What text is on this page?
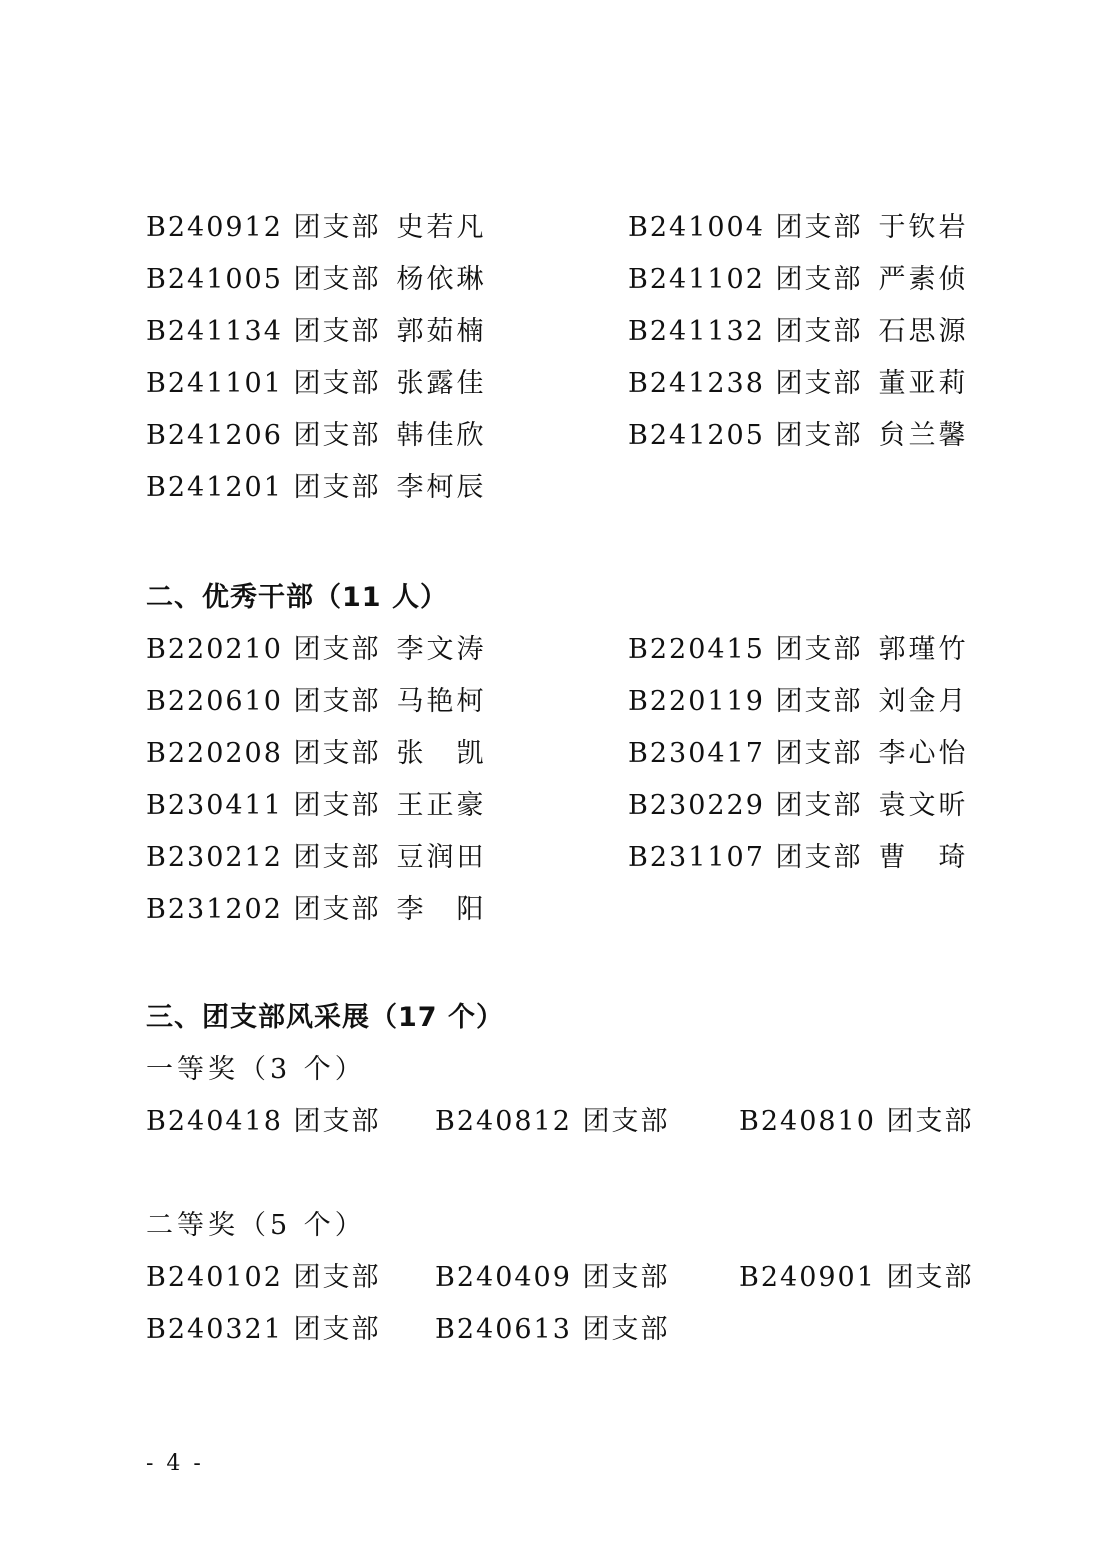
B240912 团支部 史若凡	B241004 团支部 于钦岩
B241005 团支部 杨依琳	B241102 团支部 严素侦
B241134 团支部 郭茹楠	B241132 团支部 石思源
B241101 团支部 张露佳	B241238 团支部 董亚莉
B241206 团支部 韩佳欣	B241205 团支部 贠兰馨
B241201 团支部 李柯辰
二、优秀干部（11 人）
B220210 团支部 李文涛	B220415 团支部 郭瑾竹
B220610 团支部 马艳柯	B220119 团支部 刘金月
B220208 团支部 张　凯	B230417 团支部 李心怡
B230411 团支部 王正豪	B230229 团支部 袁文昕
B230212 团支部 豆润田	B231107 团支部 曹　琦
B231202 团支部 李　阳
三、团支部风采展（17 个）
一等奖（3 个）
B240418 团支部 B240812 团支部	B240810 团支部
二等奖（5 个）
B240102 团支部 B240409 团支部	B240901 团支部
B240321 团支部 B240613 团支部
- 4 -
